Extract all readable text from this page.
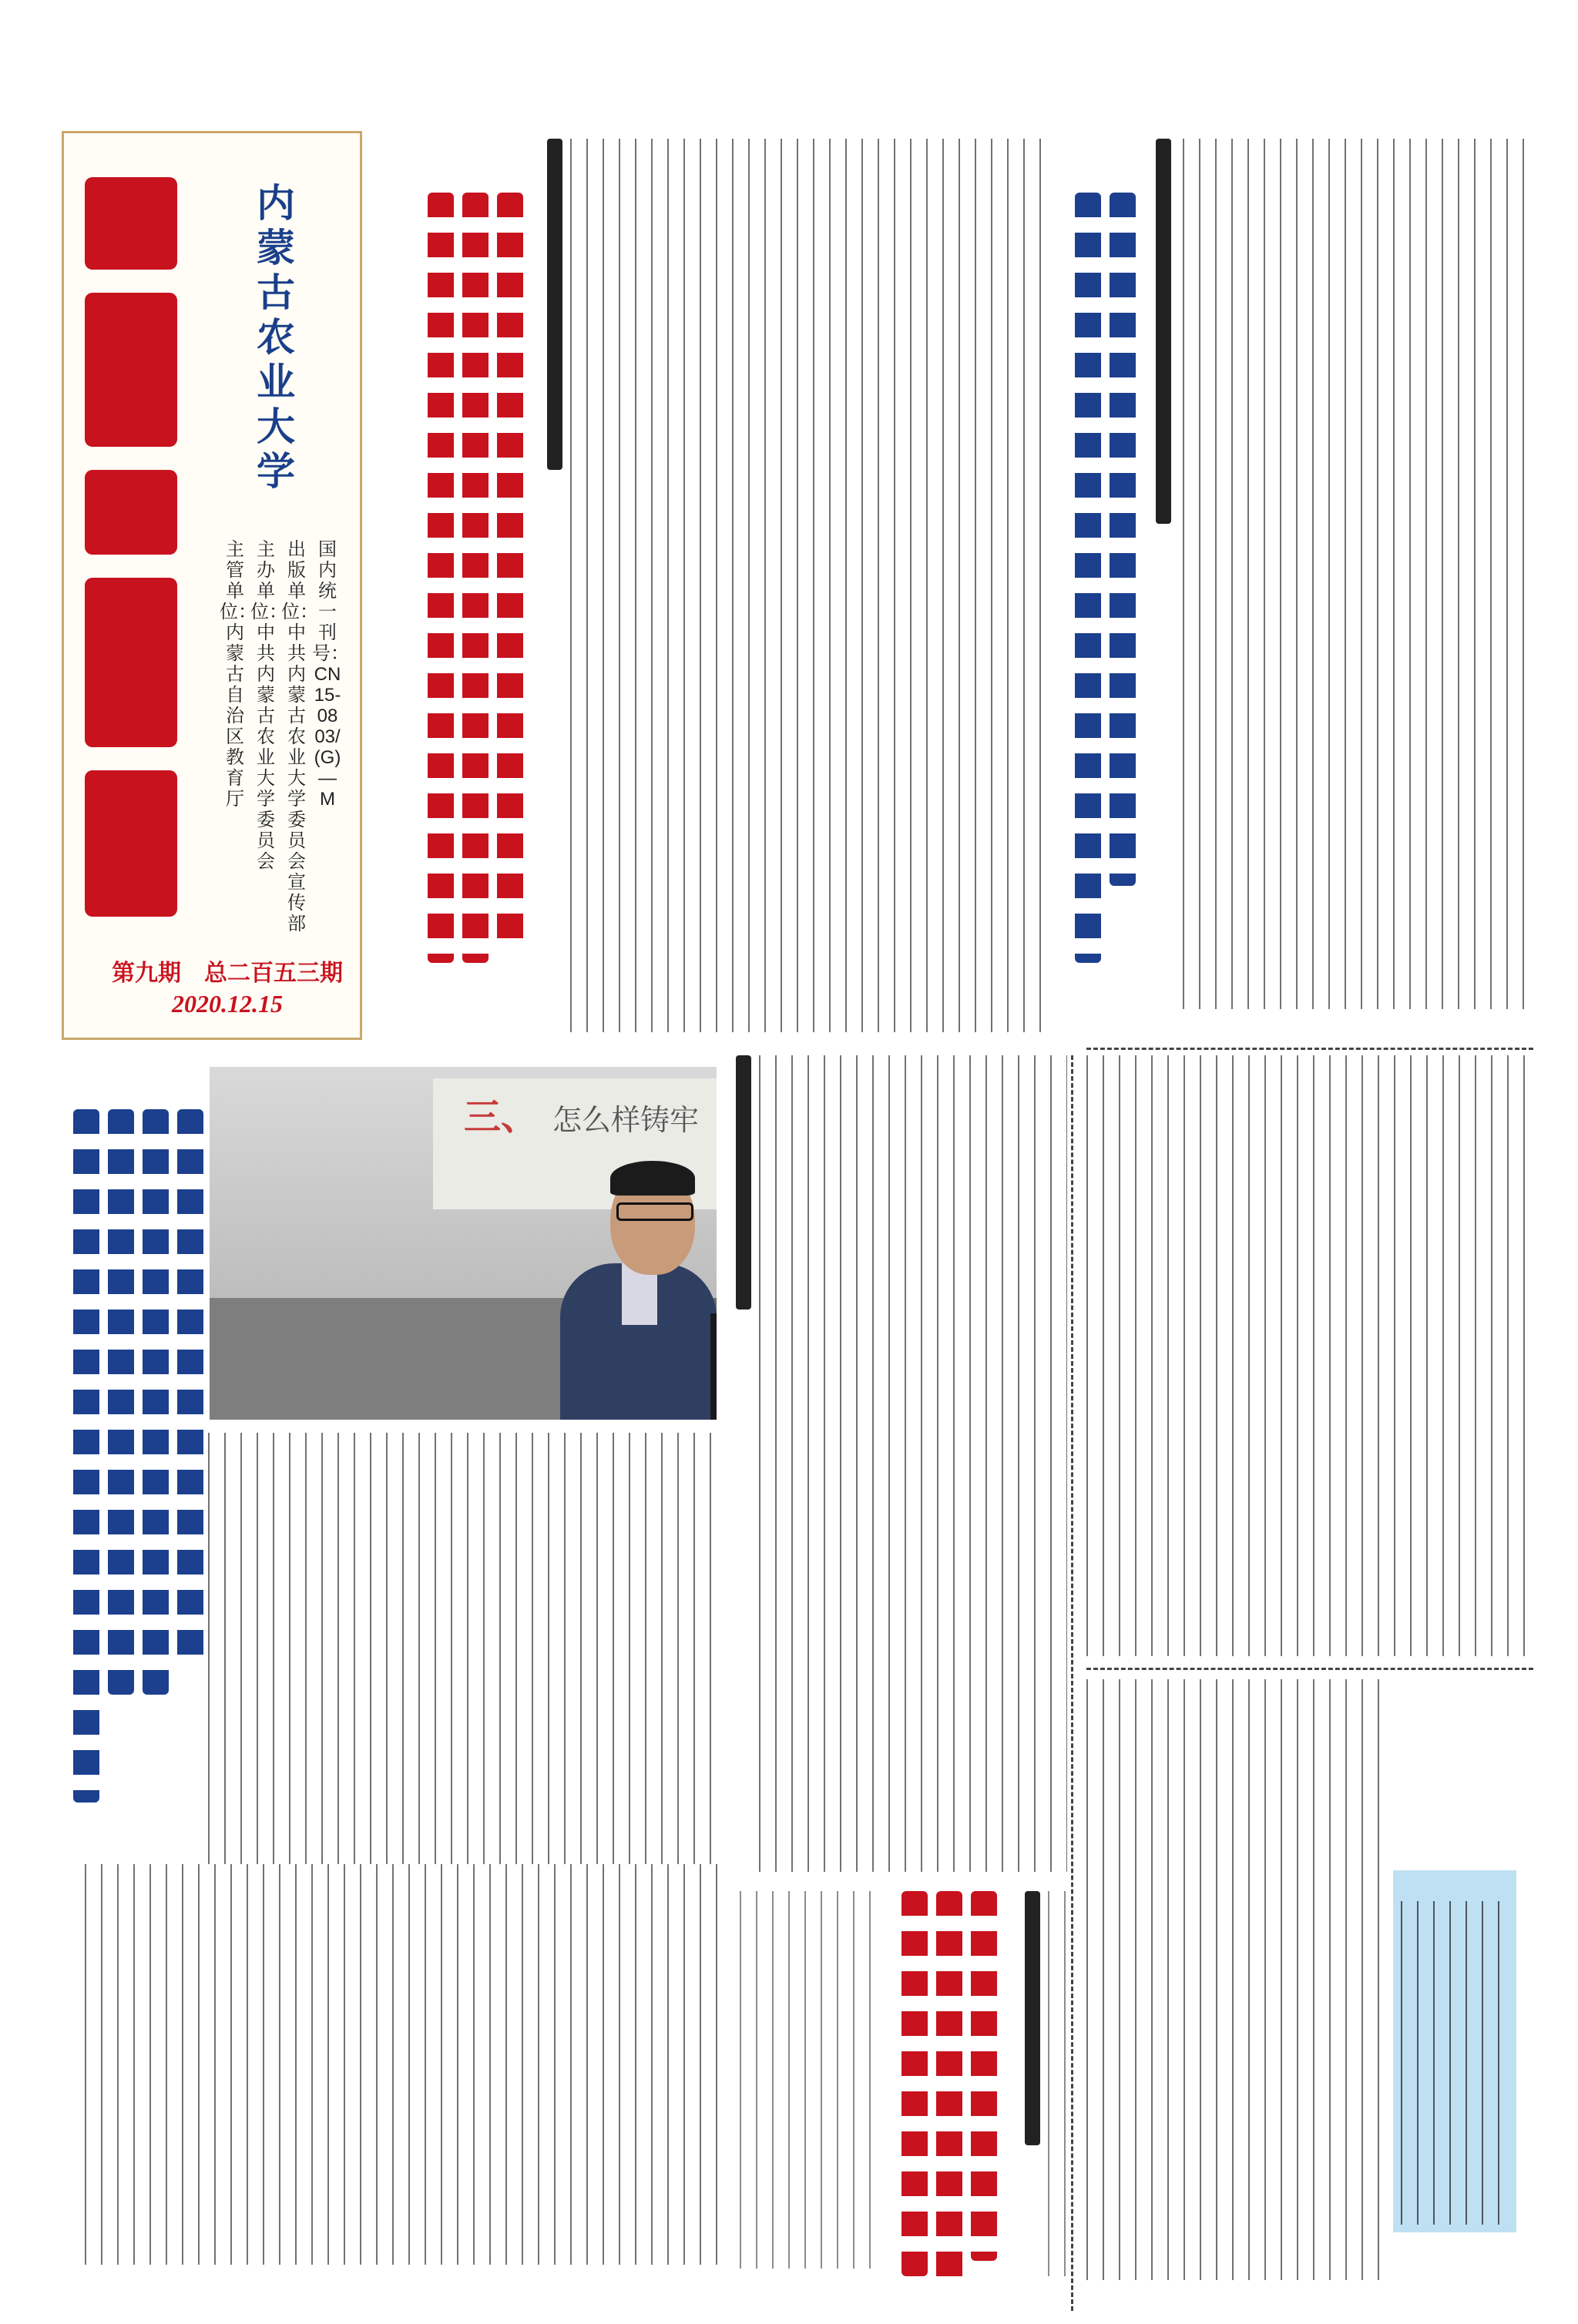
内蒙古农业大学
国内统一刊号：CN15-0803/(G)—M
出版单位：中共内蒙古农业大学委员会宣传部
主办单位：中共内蒙古农业大学委员会
主管单位：内蒙古自治区教育厅
第九期 总二百五三期
2020.12.15
三、 怎么样铸牢
